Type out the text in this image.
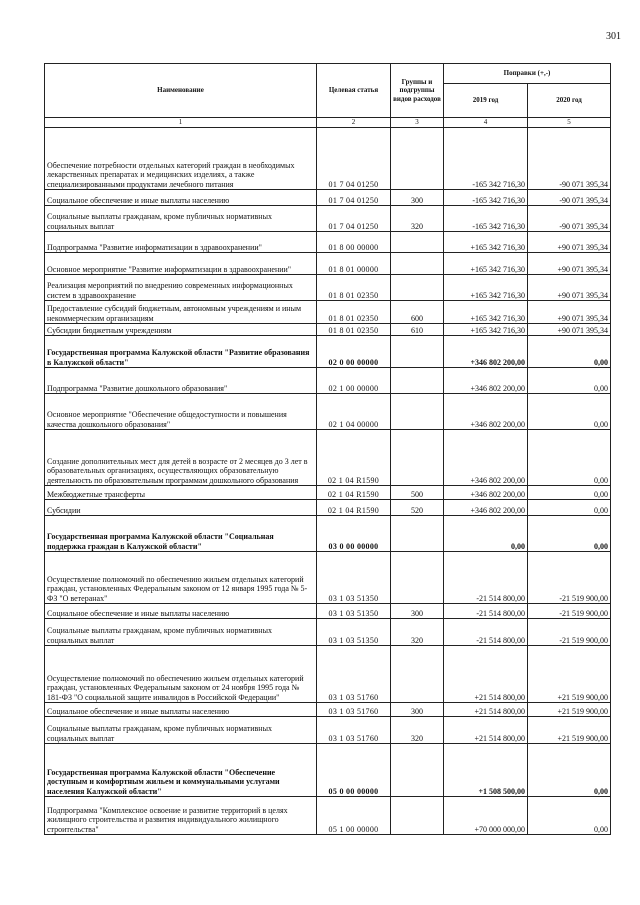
301
Наименование	Целевая статья	Группы и подгруппы видов расходов	Поправки (+,-)	
			2019 год	2020 год
1	2	3	4	5
Обеспечение потребности отдельных категорий граждан в необходимых лекарственных препаратах и медицинских изделиях, а также специализированными продуктами лечебного питания	01 7 04 01250		-165 342 716,30	-90 071 395,34
Социальное обеспечение и иные выплаты населению	01 7 04 01250	300	-165 342 716,30	-90 071 395,34
Социальные выплаты гражданам, кроме публичных нормативных социальных выплат	01 7 04 01250	320	-165 342 716,30	-90 071 395,34
Подпрограмма "Развитие информатизации в здравоохранении"	01 8 00 00000		+165 342 716,30	+90 071 395,34
Основное мероприятие "Развитие информатизации в здравоохранении"	01 8 01 00000		+165 342 716,30	+90 071 395,34
Реализация мероприятий по внедрению современных информационных систем в здравоохранение	01 8 01 02350		+165 342 716,30	+90 071 395,34
Предоставление субсидий бюджетным, автономным учреждениям и иным некоммерческим организациям	01 8 01 02350	600	+165 342 716,30	+90 071 395,34
Субсидии бюджетным учреждениям	01 8 01 02350	610	+165 342 716,30	+90 071 395,34
Государственная программа Калужской области "Развитие образования в Калужской области"	02 0 00 00000		+346 802 200,00	0,00
Подпрограмма "Развитие дошкольного образования"	02 1 00 00000		+346 802 200,00	0,00
Основное мероприятие "Обеспечение общедоступности и повышения качества дошкольного образования"	02 1 04 00000		+346 802 200,00	0,00
Создание дополнительных мест для детей в возрасте от 2 месяцев до 3 лет в образовательных организациях, осуществляющих образовательную деятельность по образовательным программам дошкольного образования	02 1 04 R1590		+346 802 200,00	0,00
Межбюджетные трансферты	02 1 04 R1590	500	+346 802 200,00	0,00
Субсидии	02 1 04 R1590	520	+346 802 200,00	0,00
Государственная программа Калужской области "Социальная поддержка граждан в Калужской области"	03 0 00 00000		0,00	0,00
Осуществление полномочий по обеспечению жильем отдельных категорий граждан, установленных Федеральным законом от 12 января 1995 года № 5-ФЗ "О ветеранах"	03 1 03 51350		-21 514 800,00	-21 519 900,00
Социальное обеспечение и иные выплаты населению	03 1 03 51350	300	-21 514 800,00	-21 519 900,00
Социальные выплаты гражданам, кроме публичных нормативных социальных выплат	03 1 03 51350	320	-21 514 800,00	-21 519 900,00
Осуществление полномочий по обеспечению жильем отдельных категорий граждан, установленных Федеральным законом от 24 ноября 1995 года № 181-ФЗ "О социальной защите инвалидов в Российской Федерации"	03 1 03 51760		+21 514 800,00	+21 519 900,00
Социальное обеспечение и иные выплаты населению	03 1 03 51760	300	+21 514 800,00	+21 519 900,00
Социальные выплаты гражданам, кроме публичных нормативных социальных выплат	03 1 03 51760	320	+21 514 800,00	+21 519 900,00
Государственная программа Калужской области "Обеспечение доступным и комфортным жильем и коммунальными услугами населения Калужской области"	05 0 00 00000		+1 508 500,00	0,00
Подпрограмма "Комплексное освоение и развитие территорий в целях жилищного строительства и развития индивидуального жилищного строительства"	05 1 00 00000		+70 000 000,00	0,00
